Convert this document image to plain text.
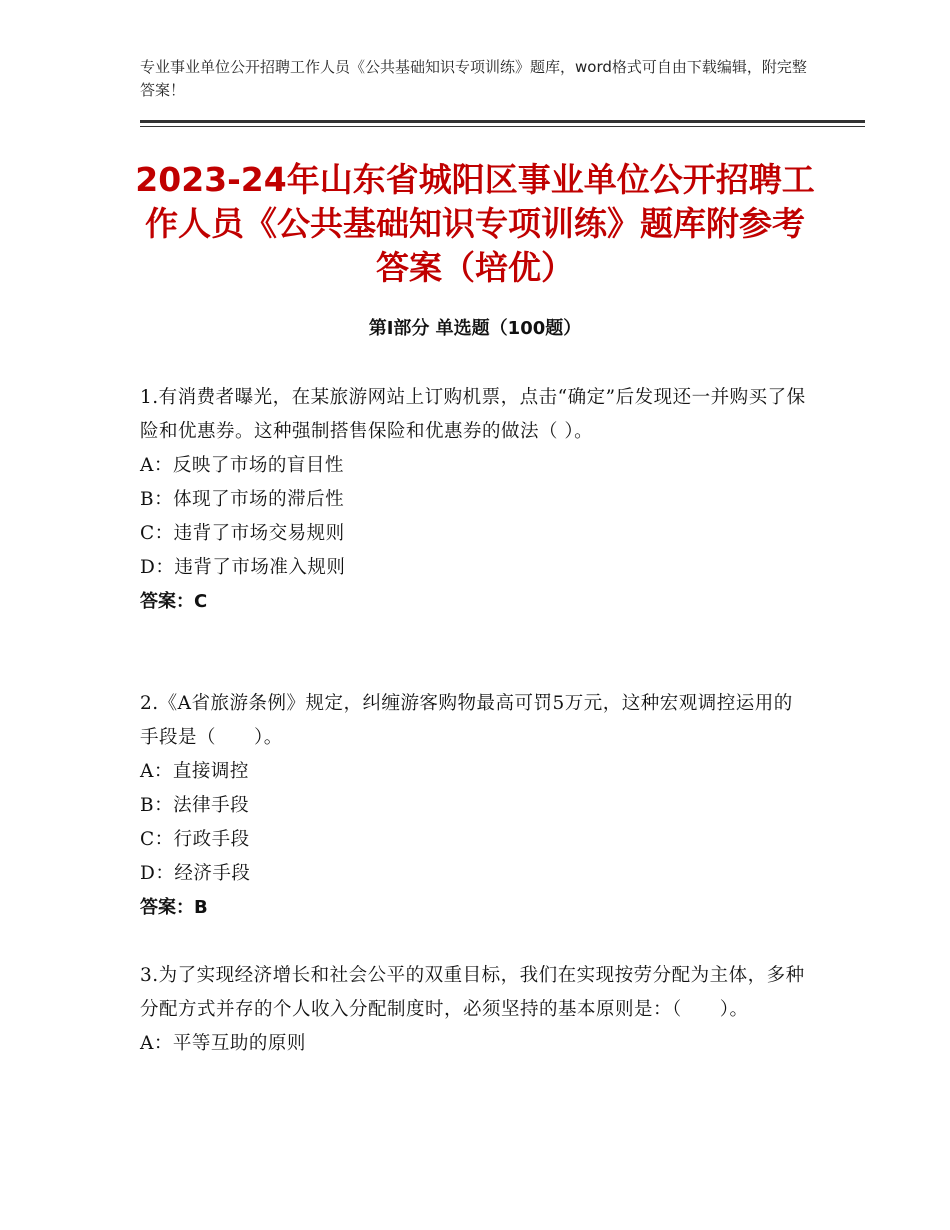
专业事业单位公开招聘工作人员《公共基础知识专项训练》题库，word格式可自由下载编辑，附完整答案！
2023-24年山东省城阳区事业单位公开招聘工作人员《公共基础知识专项训练》题库附参考答案（培优）
第Ⅰ部分 单选题（100题）

1.有消费者曝光，在某旅游网站上订购机票，点击“确定”后发现还一并购买了保险和优惠券。这种强制搭售保险和优惠券的做法（ ）。

A：反映了市场的盲目性

B：体现了市场的滞后性

C：违背了市场交易规则

D：违背了市场准入规则

答案：C

2.《A省旅游条例》规定，纠缠游客购物最高可罚5万元，这种宏观调控运用的手段是（　　）。

A：直接调控

B：法律手段

C：行政手段

D：经济手段

答案：B

3.为了实现经济增长和社会公平的双重目标，我们在实现按劳分配为主体，多种分配方式并存的个人收入分配制度时，必须坚持的基本原则是：（　　）。

A：平等互助的原则
